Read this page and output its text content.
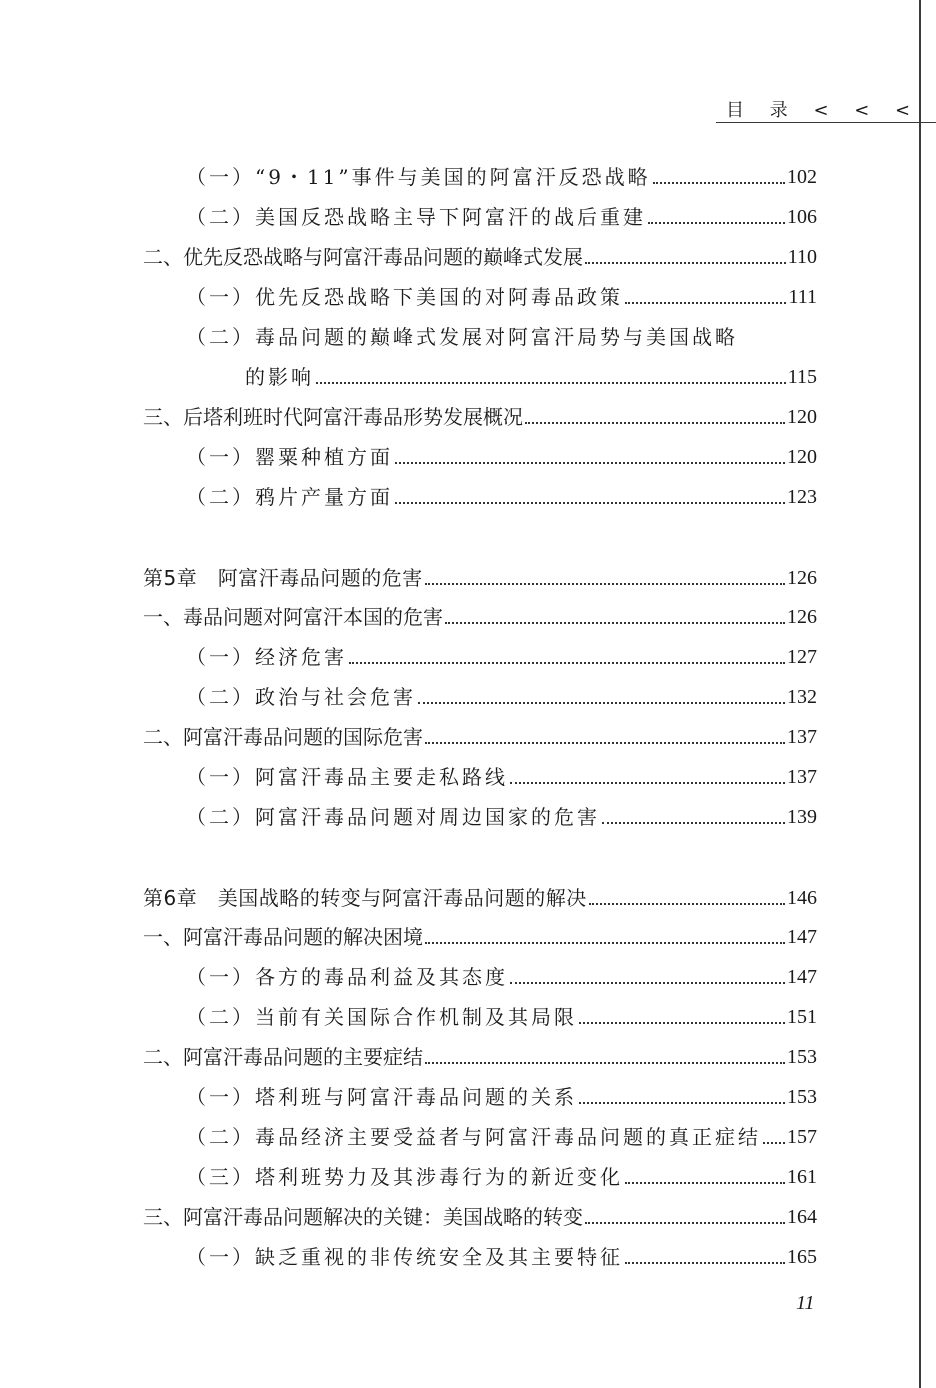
目 录 < < <
（一）“9・11”事件与美国的阿富汗反恐战略	102
（二）美国反恐战略主导下阿富汗的战后重建	106
二、优先反恐战略与阿富汗毒品问题的巅峰式发展	110
（一）优先反恐战略下美国的对阿毒品政策	111
（二）毒品问题的巅峰式发展对阿富汗局势与美国战略
的影响	115
三、后塔利班时代阿富汗毒品形势发展概况	120
（一）罂粟种植方面	120
（二）鸦片产量方面	123
第5章　阿富汗毒品问题的危害	126
一、毒品问题对阿富汗本国的危害	126
（一）经济危害	127
（二）政治与社会危害	132
二、阿富汗毒品问题的国际危害	137
（一）阿富汗毒品主要走私路线	137
（二）阿富汗毒品问题对周边国家的危害	139
第6章　美国战略的转变与阿富汗毒品问题的解决	146
一、阿富汗毒品问题的解决困境	147
（一）各方的毒品利益及其态度	147
（二）当前有关国际合作机制及其局限	151
二、阿富汗毒品问题的主要症结	153
（一）塔利班与阿富汗毒品问题的关系	153
（二）毒品经济主要受益者与阿富汗毒品问题的真正症结 157
（三）塔利班势力及其涉毒行为的新近变化	161
三、阿富汗毒品问题解决的关键：美国战略的转变	164
（一）缺乏重视的非传统安全及其主要特征	165
11
